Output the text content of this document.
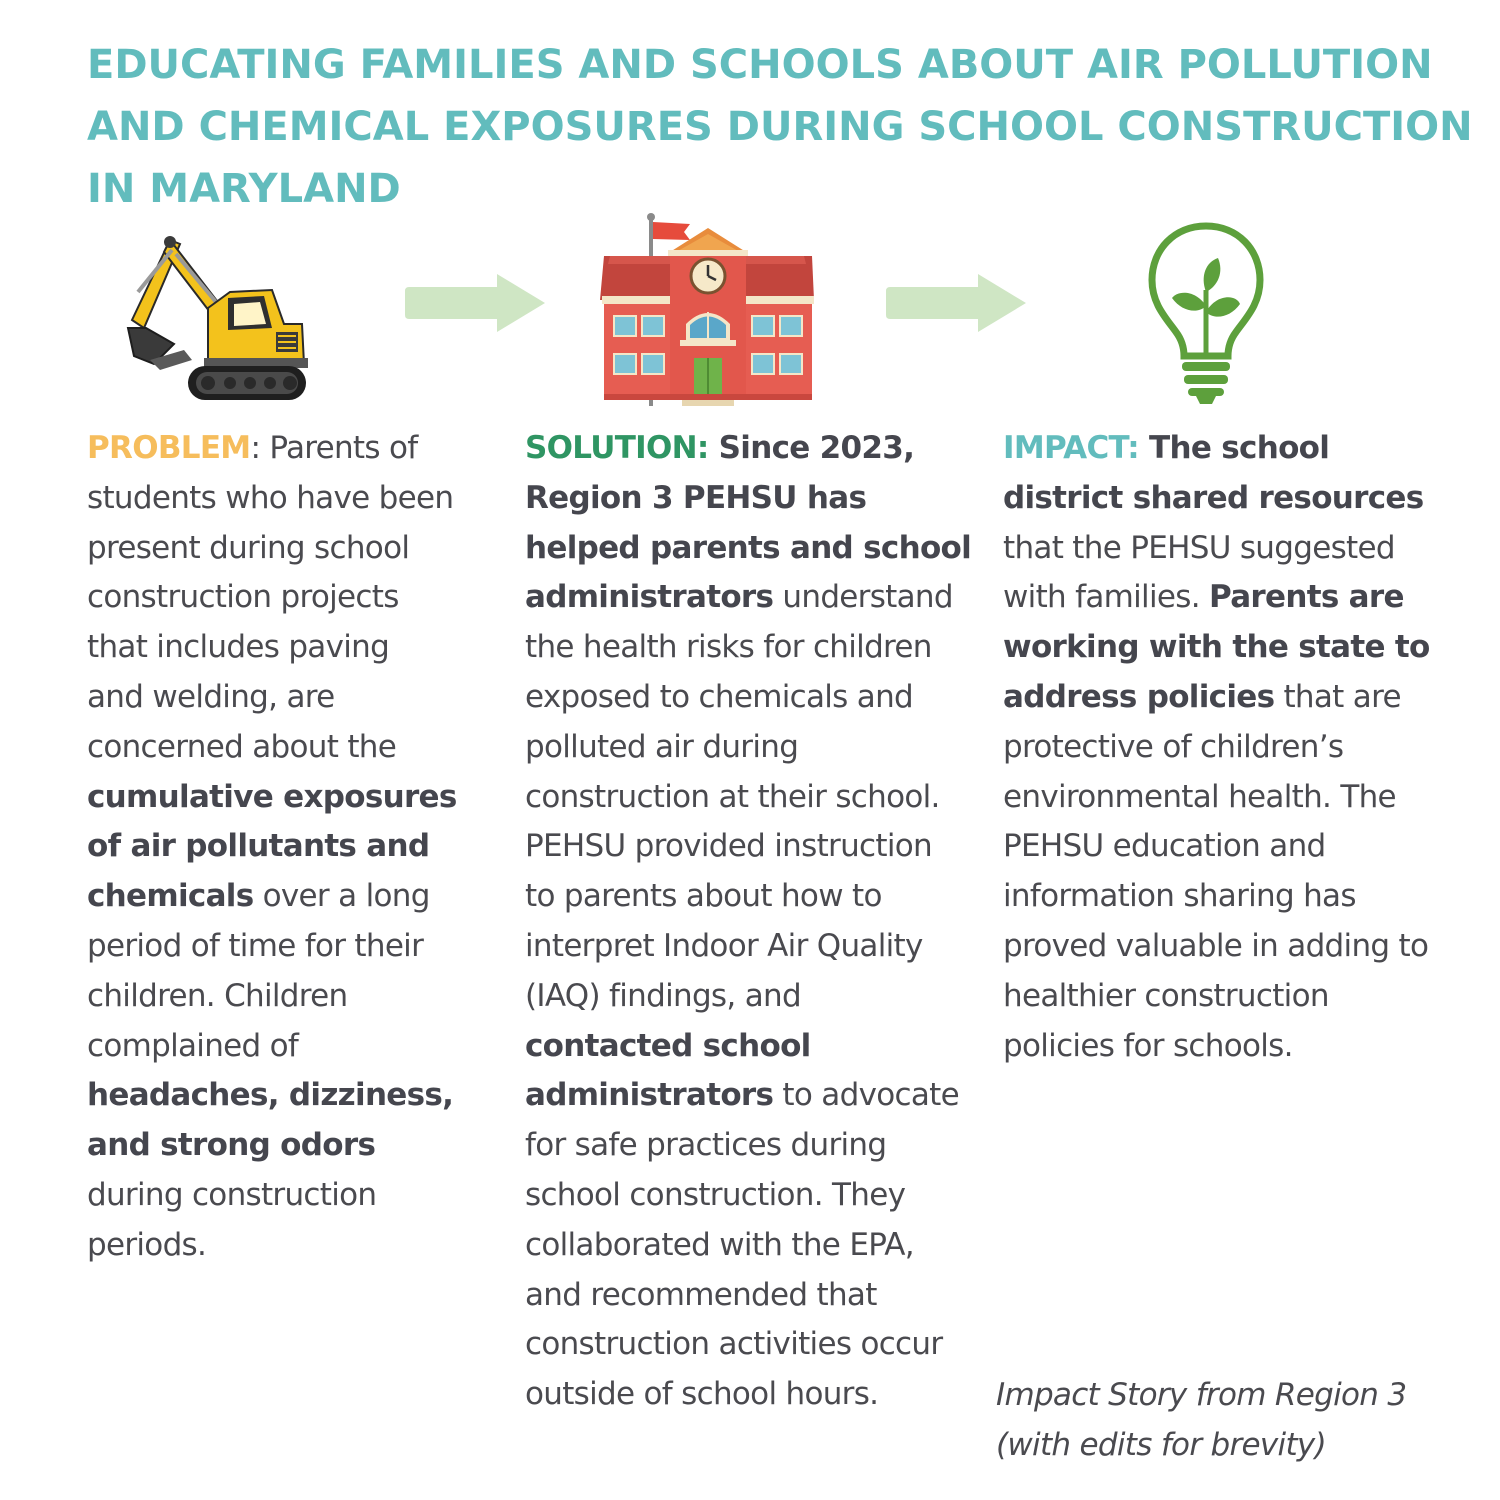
EDUCATING FAMILIES AND SCHOOLS ABOUT AIR POLLUTION
AND CHEMICAL EXPOSURES DURING SCHOOL CONSTRUCTION
IN MARYLAND
PROBLEM: Parents of
students who have been
present during school
construction projects
that includes paving
and welding, are
concerned about the
cumulative exposures
of air pollutants and
chemicals over a long
period of time for their
children. Children
complained of
headaches, dizziness,
and strong odors
during construction
periods.
SOLUTION: Since 2023,
Region 3 PEHSU has
helped parents and school
administrators understand
the health risks for children
exposed to chemicals and
polluted air during
construction at their school.
PEHSU provided instruction
to parents about how to
interpret Indoor Air Quality
(IAQ) findings, and
contacted school
administrators to advocate
for safe practices during
school construction. They
collaborated with the EPA,
and recommended that
construction activities occur
outside of school hours.
IMPACT: The school
district shared resources
that the PEHSU suggested
with families. Parents are
working with the state to
address policies that are
protective of children’s
environmental health. The
PEHSU education and
information sharing has
proved valuable in adding to
healthier construction
policies for schools.
Impact Story from Region 3
(with edits for brevity)
